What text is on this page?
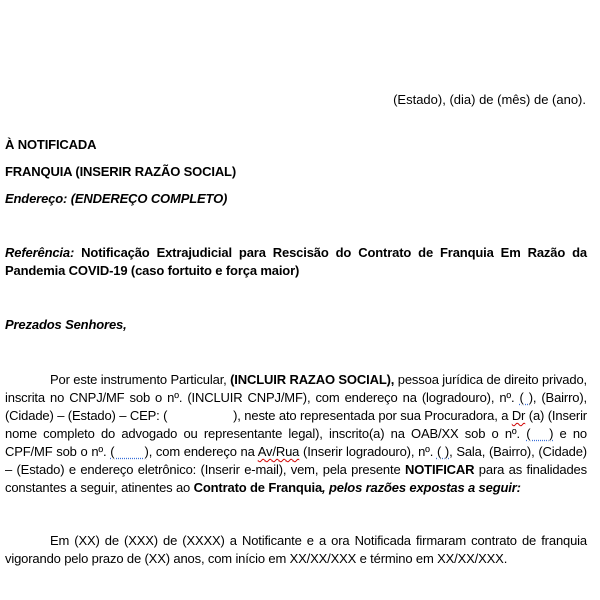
(Estado), (dia) de (mês) de (ano).
À NOTIFICADA
FRANQUIA (INSERIR RAZÃO SOCIAL)
Endereço: (ENDEREÇO COMPLETO)
Referência: Notificação Extrajudicial para Rescisão do Contrato de Franquia Em Razão da Pandemia COVID-19 (caso fortuito e força maior)
Prezados Senhores,
Por este instrumento Particular, (INCLUIR RAZAO SOCIAL), pessoa jurídica de direito privado, inscrita no CNPJ/MF sob o nº. (INCLUIR CNPJ/MF), com endereço na (logradouro), nº. ( ), (Bairro), (Cidade) – (Estado) – CEP: (	), neste ato representada por sua Procuradora, a Dr (a) (Inserir nome completo do advogado ou representante legal), inscrito(a) na OAB/XX sob o nº. (   ) e no CPF/MF sob o nº. (        ), com endereço na Av/Rua (Inserir logradouro), nº. ( ), Sala, (Bairro), (Cidade) – (Estado) e endereço eletrônico: (Inserir e-mail), vem, pela presente NOTIFICAR para as finalidades constantes a seguir, atinentes ao Contrato de Franquia, pelos razões expostas a seguir:
Em (XX) de (XXX) de (XXXX) a Notificante e a ora Notificada firmaram contrato de franquia vigorando pelo prazo de (XX) anos, com início em XX/XX/XXX e término em XX/XX/XXX.
